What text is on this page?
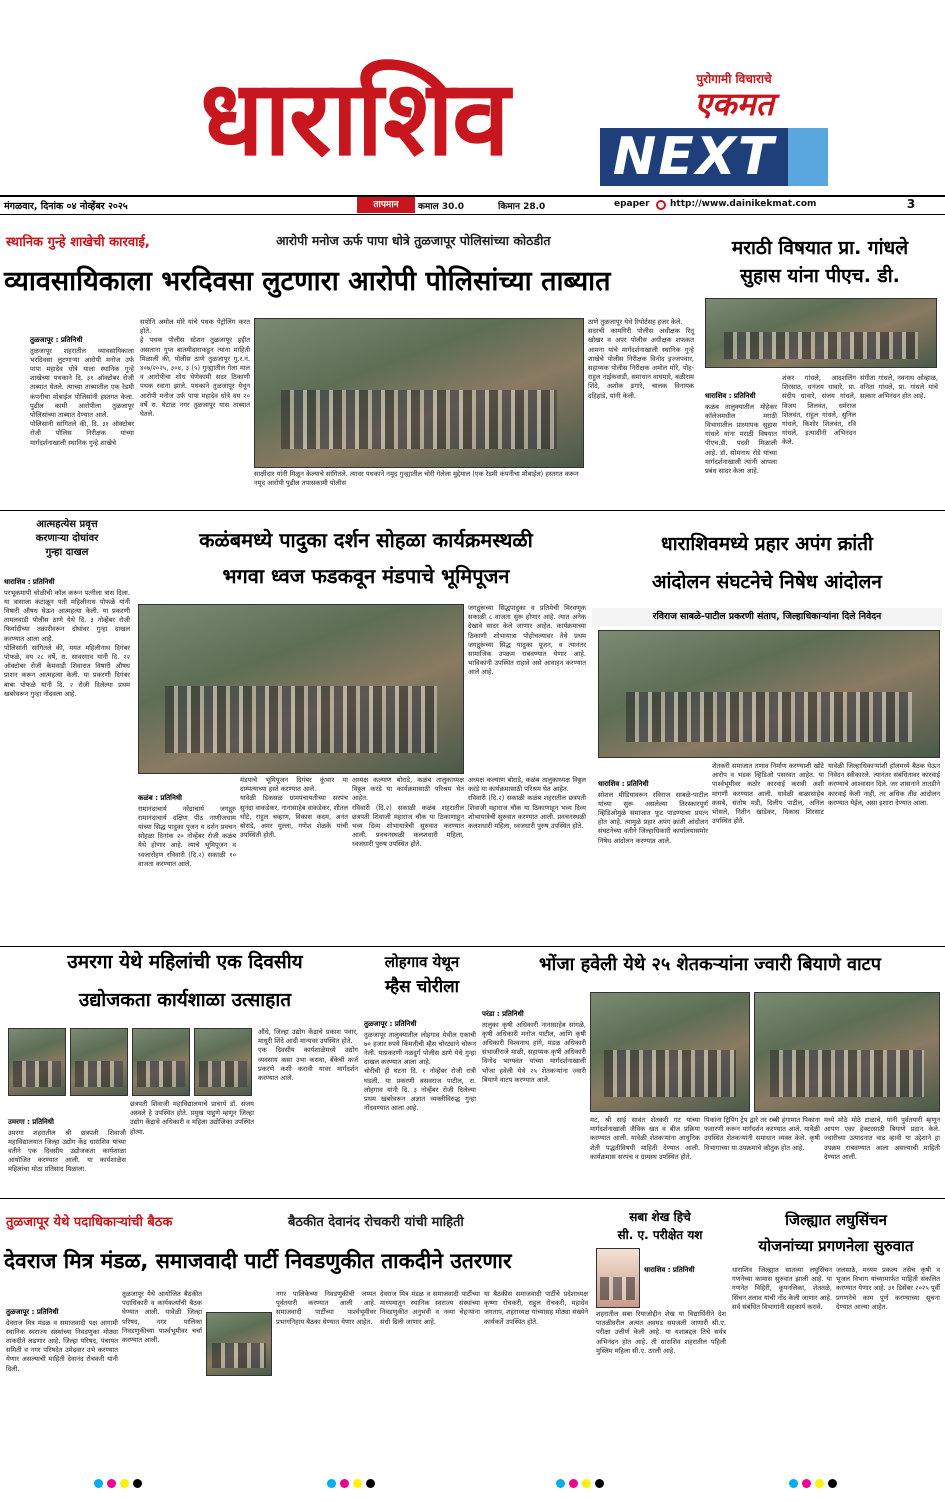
धाराशिव	पुरोगामी विचाराचे
एकमत
NEXT
मंगळवार, दिनांक ०४ नोव्हेंबर २०२५	तापमान	कमाल 30.0	किमान 28.0	epaper	http://www.dainikekmat.com	3
स्थानिक गुन्हे शाखेची कारवाई,	आरोपी मनोज ऊर्फ पापा धोत्रे तुळजापूर पोलिसांच्या कोठडीत
व्यावसायिकाला भरदिवसा लुटणारा आरोपी पोलिसांच्या ताब्यात

तुळजापूर : प्रतिनिधी
तुळजापूर शहरातील व्यावसायिकाला भरदिवसा लुटणाऱ्या आरोपी मनोज उर्फ पापा महादेव धोत्रे याला स्थानिक गुन्हे शाखेच्या पथकाने दि. ३१ ऑक्टोबर रोजी ताब्यात घेतले. त्याच्या ताब्यातील एक रेडमी कंपनीचा मोबाईल पोलिसांनी हस्तगत केला. पुढील कामी आरोपीला तुळजापूर पोलिसांच्या ताब्यात देण्यात आले.
पोलिसांनी सांगितले की, दि. ३१ ऑक्टोबर रोजी पोलिस निरीक्षक यांच्या मार्गदर्शनाखाली स्थानिक गुन्हे शाखेचे

सपोनि अमोल मोरे यांचे पथक पेट्रोलिंग करत होते.
हे पथक पोलीस स्टेशन तुळजापूर हद्दीत असताना गुप्त बातमीदाराकडून त्यांना माहिती मिळाली की, पोलीस ठाणे तुळजापूर गु.र.नं. ४०७/२०२५, ३०४, ३ (५) गुन्ह्यातील गेला माल व आरोपीचा शोध घेणेकामी सदर ठिकाणी पथक रवाना झाले. पथकाने तुळजापूर येथून आरोपी मनोज उर्फ पापा महादेव धोत्रे वय २० वर्षे रा. घेटाळ नगर तुळजापूर यास ताब्यात घेतले.
साक्षीदार यांनी मिळून केल्याचे सांगितले. त्यावर पथकाने नमूद गुन्ह्यातील चोरी गेलेला मुद्देमाल (एक रेडमी कंपनीचा मोबाईल) हस्तगत करून नमूद आरोपी पुढील तपासकामी पोलीस
ठाणे तुळजापूर येथे रिपोर्टसह हजर केले.
सदरची कामगिरी पोलीस अधीक्षक रितू खोखर व अपर पोलीस अधीक्षक शफकत आमना यांचे मार्गदर्शनाखाली स्थानिक गुन्हे शाखेचे पोलीस निरीक्षक विनोद इज्जपवार, सहाय्यक पोलीस निरीक्षक अमोल मोरे, पोह- राहुल नाईकवाडी, समाधान वाघमारे, बळीराम शिंदे, अशोक ढगारे, चालक विनायक दहिहांडे, यांनी केली.
मराठी विषयात प्रा. गांधले
सुहास यांना पीएच. डी.

धाराशिव : प्रतिनिधी
कळंब तालुक्यातील मोहेकर कॉलेजमधील मराठी विभागातील प्राध्यापक सुहास गांधले यांना मराठी विषयात पीएच.डी. पदवी मिळाली आहे. डॉ. सोमनाथ रोडे यांच्या मार्गदर्शनाखाली त्यांनी आपला प्रबंध सादर केला आहे.

शंकर गांधले, आदशलिंग शिरसाठ, धनंजय धावारे, प्रा. संदीप धावारे, संजय गांधले, विजय शिलवंत, धर्मराज शिलवंत, राहुल गांधले, सुनिल गांधले, किशोर शिलवंत, रवि गांधले, इत्यादींनी अभिनंदन केले.
संगीता गांधले, नवनाथ ओव्हाळ, वनिता गांधले, प्रा. गांधले यांचे सत्कार अभिनंदन होत आहे.
आत्महत्येस प्रवृत्त
करणाऱ्या दोघांवर
गुन्हा दाखल

धाराशिव : प्रतिनिधी
परभूकमापी चोळीची कॉल करून पत्नीला त्रास दिला. या त्रासाला कंटाळून पती महिलीनाथ पोफळे यांनी विषारी औषध घेऊन आत्महत्या केली. या प्रकरणी तामलवाडी पोलीस ठाणे येथे दि. ३ नोव्हेंबर रोजी फिर्यादीच्या तक्रारीवरून दोघांवर गुन्हा दाखल करण्यात आला आहे.
पोलिसांनी सांगितले की, मयत महिलीनाथ दिगंबर पोफळे, वय २८ वर्षे, रा. सावरगाव यांनी दि. २२ ऑक्टोबर रोजी केमवाडी शिवारात विषारी औषध प्राशन करून आत्महत्या केली. या प्रकरणी दिगंबर बाबा पोफळे यांनी दि. २ रोजी दिलेल्या प्रथम खबरेवरून गुन्हा नोंदवला आहे.

कळंबमध्ये पादुका दर्शन सोहळा कार्यक्रमस्थळी
भगवा ध्वज फडकवून मंडपाचे भूमिपूजन
जगद्गुरूंच्या सिद्धपादुका व प्रतिमेची मिरवणूक सकाळी ८ वाजता सुरू होणार आहे. त्यात अनेक देखावे सादर केले जाणार आहेत. कार्यक्रमाच्या ठिकाणी शोभायात्रा पोहोचल्यावर तेथे प्रथम जगद्गुरूंच्या सिद्ध पादुका पूजन, व त्यानंतर सामाजिक उपक्रम राबवण्यात येणार आहे. भाविकांनी उपस्थित राहावे असे आवाहन करण्यात आले आहे.

कळंब : प्रतिनिधी
रामानंदाचार्य नरेंद्राचार्य जगद्गुरु रामानंदाचार्य दक्षिण पीठ नाणीजधाम यांच्या सिद्ध पादुका पूजन व दर्शन प्रवचन सोहळा दिनांक २० नोव्हेंबर रोजी कळंब येथे होणार आहे. त्याचे भूमिपूजन व ध्वजारोहण रविवारी (दि.२) सकाळी १० वाजता करण्यात आले.

मंडपाचे भूमिपूजन दिगंबर कुंभार या दाम्पत्याच्या हस्ते करण्यात आले.
यावेळी डिकसळ ग्रामपंचायतीच्या सरपंच सुनंदा वाकडेकर, नानासाहेब वाकडेकर, शीतल थोटे, राहुल चव्हाण, विकास कदम, अनंत बोराडे, अमर मुल्ला, गणेश शेळके यांची उपस्थिती होती.
अध्यक्ष कल्याण बोराडे, कळंब तालुकाध्यक्ष विठ्ठल करंडे या कार्यक्रमासाठी परिश्रम घेत आहेत.
रविवारी (दि.२) सकाळी कळंब शहरातील छत्रपती शिवाजी महाराज चौक या ठिकाणाहून भव्य दिव्य शोभायात्रेची सुरुवात करण्यात आली. प्रवचनस्थळी कलशधारी महिला, ध्वजधारी पुरुष उपस्थित होते.
अध्यक्ष कल्याण बोराडे, कळंब तालुकाध्यक्ष विठ्ठल करंडे या कार्यक्रमासाठी परिश्रम घेत आहेत.
रविवारी (दि.२) सकाळी कळंब शहरातील छत्रपती शिवाजी महाराज चौक या ठिकाणाहून भव्य दिव्य शोभायात्रेची सुरुवात करण्यात आली. प्रवचनस्थळी कलशधारी महिला, ध्वजधारी पुरुष उपस्थित होते.
धाराशिवमध्ये प्रहार अपंग क्रांती
आंदोलन संघटनेचे निषेध आंदोलन
रविराज साबळे-पाटील प्रकरणी संताप, जिल्हाधिकाऱ्यांना दिले निवेदन

धाराशिव : प्रतिनिधी
सोशल मीडियावरून रविराज साबळे-पाटील यांच्या सुरू असलेल्या तिरस्कारपूर्ण व्हिडिओमुळे समाजात फूट पाडण्याचा प्रयत्न होत आहे. त्यामुळे प्रहार अपंग क्रांती आंदोलन संघटनेच्या वतीने जिल्हाधिकारी कार्यालयासमोर निषेध आंदोलन करण्यात आले.

शेतकरी समाजात तणाव निर्माण करण्याशी खोटे आरोप व भडक व्हिडिओ पसरवत आहेत. या पार्श्वभूमीवर कठोर कारवाई करावी अशी मागणी करण्यात आली. यावेळी बाळासाहेब कसबे, संतोष मडी, दिलीप पाटील, अनिल भोसले, नितीन खांडेकर, विकास शिरसाट उपस्थित होते.
यावेळी जिल्हाधिकाऱ्यांशी हॉलमध्ये बैठक घेऊन निवेदन स्वीकारले. त्यानंतर संबंधितावर कारवाई करण्याचे आश्वासन दिले. जर शासनाने तातडीने कारवाई केली नाही, तर अधिक तीव्र आंदोलन करण्यात येईल, असा इशारा देण्यात आला.
उमरगा येथे महिलांची एक दिवसीय
उद्योजकता कार्यशाळा उत्साहात

उमरगा : प्रतिनिधी
उमरगा शहरातील श्री छत्रपती शिवाजी महाविद्यालयात जिल्हा उद्योग केंद्र धाराशिव यांच्या वतीने एक दिवसीय उद्योजकता कार्यशाळा आयोजित करण्यात आली. या कार्यशाळेस महिलांचा मोठा प्रतिसाद मिळाला.

छत्रपती शिवाजी महाविद्यालयाचे प्राचार्य डॉ. संजय अस्वले हे उपस्थित होते. प्रमुख पाहुणे म्हणून जिल्हा उद्योग केंद्राचे अधिकारी व महिला उद्योजिका उपस्थित होत्या.
औंधे, जिल्हा उद्योग केंद्राचे प्रकाश पवार, माधुरी शिंदे आदी मान्यवर उपस्थित होते.
एक दिवसीय कार्यशाळेमध्ये उद्योग व्यवसाय कसा उभा करावा, बँकेची कर्ज प्रकरणे कशी करावी यावर मार्गदर्शन करण्यात आले.
लोहगाव येथून
म्हैस चोरीला

तुळजापूर : प्रतिनिधी
तुळजापूर तालुक्यातील लोहगाव येथील एकाची ७० हजार रुपये किंमतीची म्हैस चोरट्याने चोरून नेली. याप्रकरणी नळदुर्ग पोलीस ठाणे येथे गुन्हा दाखल करण्यात आला आहे.
चोरीची ही घटना दि. १ नोव्हेंबर रोजी रात्री घडली. या प्रकरणी बसवराज पाटील, रा. लोहगाव यांनी दि. ३ नोव्हेंबर रोजी दिलेल्या प्रथम खबरेवरून अज्ञात व्यक्तीविरुद्ध गुन्हा नोंदवण्यात आला आहे.

भोंजा हवेली येथे २५ शेतकऱ्यांना ज्वारी बियाणे वाटप

परंडा : प्रतिनिधी
तालुका कृषी अधिकारी नानासाहेब सांगळे, कृषी अधिकारी मनोज पाटील, आणि कृषी अधिकारी विश्वनाथ हांगे, मंडळ अधिकारी संभाजीराजे माळी, सहाय्यक कृषी अधिकारी विनोद भाग्यवंत यांच्या मार्गदर्शनाखाली भोंजा हवेली येथे २५ शेतकऱ्यांना ज्वारी बियाणे वाटप करण्यात आले.

मट, श्री साई सावंत शेतकरी गट यांच्या मार्गदर्शनाखाली जैविक खत व बीज प्रक्रिया करण्यात आली. यावेळी शेतकऱ्यांना आधुनिक शेती पद्धतीविषयी माहिती देण्यात आली. कार्यक्रमास सरपंच व ग्रामस्थ उपस्थित होते.
पिकांना ट्रिपिंग ट्रेप द्वारे तर रब्बी हंगामात पिकांना फवारणी करून मार्गदर्शन करण्यात आले. यावेळी उपस्थित शेतकऱ्यांनी समाधान व्यक्त केले. कृषी विभागाच्या या उपक्रमाचे कौतुक होत आहे.
मध्ये मोठे मोठे टाळाचे, यांनी पुर्वतयारी म्हणून आपण एका हेक्टरसाठी बियाणे प्रदान केले. ज्वारीच्या उत्पादनात वाढ व्हावी या उद्देशाने हा उपक्रम राबवण्यात आला असल्याची माहिती देण्यात आली.
तुळजापूर येथे पदाधिकाऱ्यांची बैठक	बैठकीत देवानंद रोचकरी यांची माहिती
देवराज मित्र मंडळ, समाजवादी पार्टी निवडणुकीत ताकदीने उतरणार

तुळजापूर : प्रतिनिधी
देवराज मित्र मंडळ व समाजवादी पक्ष आगामी स्थानिक स्वराज्य संस्थांच्या निवडणुका मोठ्या ताकदीने लढणार आहे. जिल्हा परिषद, पंचायत समिती व नगर परिषदेत उमेदवार उभे करण्यात येणार असल्याची माहिती देवानंद रोचकरी यांनी दिली.

तुळजापूर येथे आयोजित बैठकीत पदाधिकारी व कार्यकर्त्यांची बैठक घेण्यात आली. यावेळी जिल्हा परिषद, नगर पालिका निवडणुकीच्या पार्श्वभूमीवर चर्चा करण्यात आली.
नगर पालिकेच्या निवडणुकीची जय्यत पूर्वतयारी करण्यात आली आहे. समाजवादी पार्टीच्या पार्श्वभूमीवर प्रभागनिहाय बैठका घेण्यात येणार आहेत.
देवराज मित्र मंडळ व समाजवादी पार्टीच्या माध्यमातून स्थानिक स्वराज्य संस्थांच्या निवडणुकीत अनुभवी व नव्या चेहऱ्यांना संधी दिली जाणार आहे.
या बैठकीस समाजवादी पार्टीचे प्रदेशाध्यक्ष कृष्णा रोचकरी, राहुल रोचकरी, महादेव जगताप, शहराध्यक्ष यांच्यासह मोठ्या संख्येने कार्यकर्ते उपस्थित होते.
सबा शेख हिचे
सी. ए. परीक्षेत यश

धाराशिव : प्रतिनिधी

शहरातील सबा रियाजोद्दीन शेख या विद्यार्थिनीने देश पातळीवरील अत्यंत अवघड समजली जाणारी सी.ए. परीक्षा उत्तीर्ण केली आहे. या यशाबद्दल तिचे सर्वत्र अभिनंदन होत आहे. ती धाराशिव शहरातील पहिली मुस्लिम महिला सी.ए. ठरली आहे.
जिल्ह्यात लघुसिंचन
योजनांच्या प्रगणनेला सुरुवात
धाराशिव जिल्ह्यात सातव्या लघुसिंचन गणनेच्या कामास सुरुवात झाली आहे. या गणनेत विहिरी, कूपनलिका, शेततळे, सिंचन तलाव यांची नोंद केली जाणार आहे. सर्व संबंधित विभागांनी सहकार्य करावे.
जलसाठे, मध्यम प्रकल्प तसेच कृषी व भूजल विभाग यांच्यामार्फत माहिती संकलित करण्यात येणार आहे. ३१ डिसेंबर २०२५ पूर्वी प्रगणनेचे काम पूर्ण करण्याच्या सूचना देण्यात आल्या आहेत.
